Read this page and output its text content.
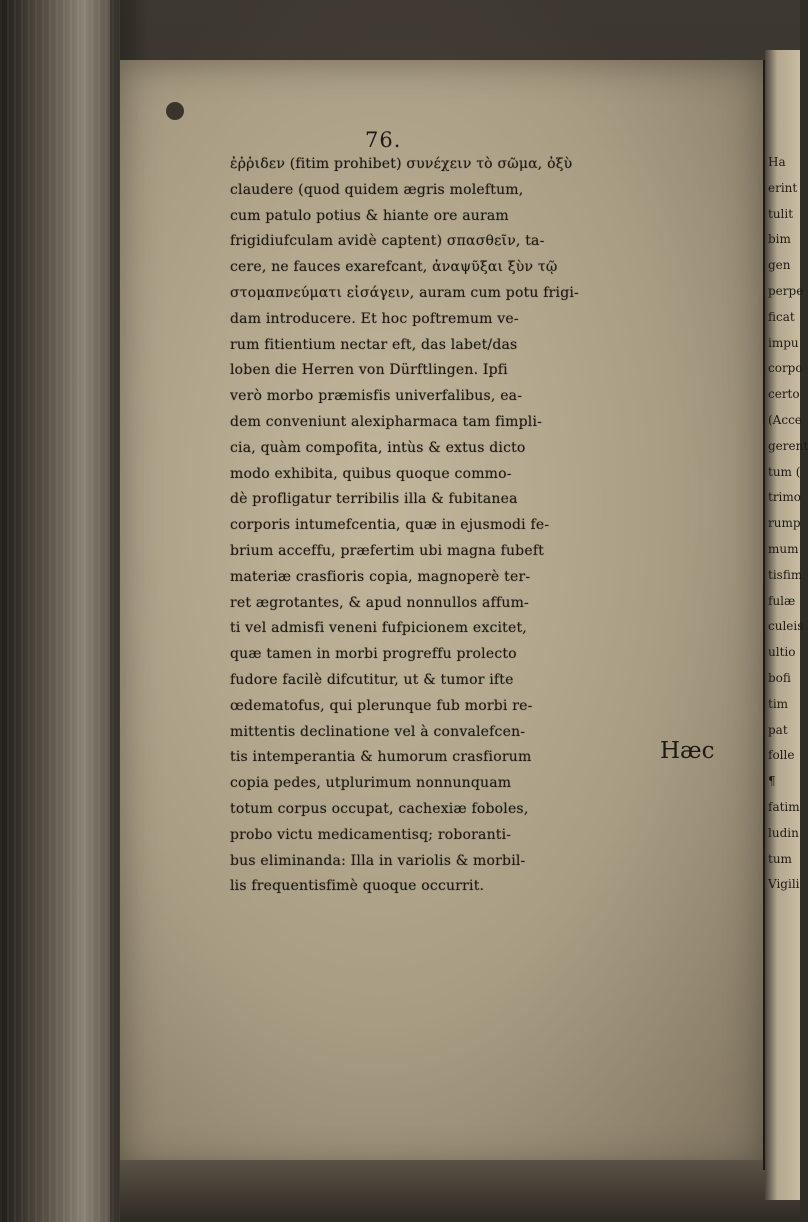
76.
ἐῤῥιδεν (fitim prohibet) συνέχειν τὸ σῶμα, ὀξὺ
claudere (quod quidem ægris moleftum,
cum patulo potius & hiante ore auram
frigidiufculam avidè captent) σπασθεῖν, ta-
cere, ne fauces exarefcant, ἀναψῦξαι ξὺν τῷ
στομαπνεύματι εἰσάγειν, auram cum potu frigi-
dam introducere. Et hoc poftremum ve-
rum fitientium nectar eft, das labet/das
loben die Herren von Dürftlingen. Ipfi
verò morbo præmisfis univerfalibus, ea-
dem conveniunt alexipharmaca tam fimpli-
cia, quàm compofita, intùs & extus dicto
modo exhibita, quibus quoque commo-
dè profligatur terribilis illa & fubitanea
corporis intumefcentia, quæ in ejusmodi fe-
brium acceffu, præfertim ubi magna fubeft
materiæ crasfioris copia, magnoperè ter-
ret ægrotantes, & apud nonnullos affum-
ti vel admisfi veneni fufpicionem excitet,
quæ tamen in morbi progreffu prolecto
fudore facilè difcutitur, ut & tumor ifte
œdematofus, qui plerunque fub morbi re-
mittentis declinatione vel à convalefcen-
tis intemperantia & humorum crasfiorum
copia pedes, utplurimum nonnunquam
totum corpus occupat, cachexiæ foboles,
probo victu medicamentisq; roboranti-
bus eliminanda: Illa in variolis & morbil-
lis frequentisfimè quoque occurrit.
Hæc
Ha
erint
tulit
bim
gen
perpe
ficat
impu
corpo
certo
(Acce
gerent
tum (
trimo
rump
mum
tisfim
fulæ
culeis
ultio
bofi
tim
pat
folle
¶
fatim
ludin
tum
Vigili
